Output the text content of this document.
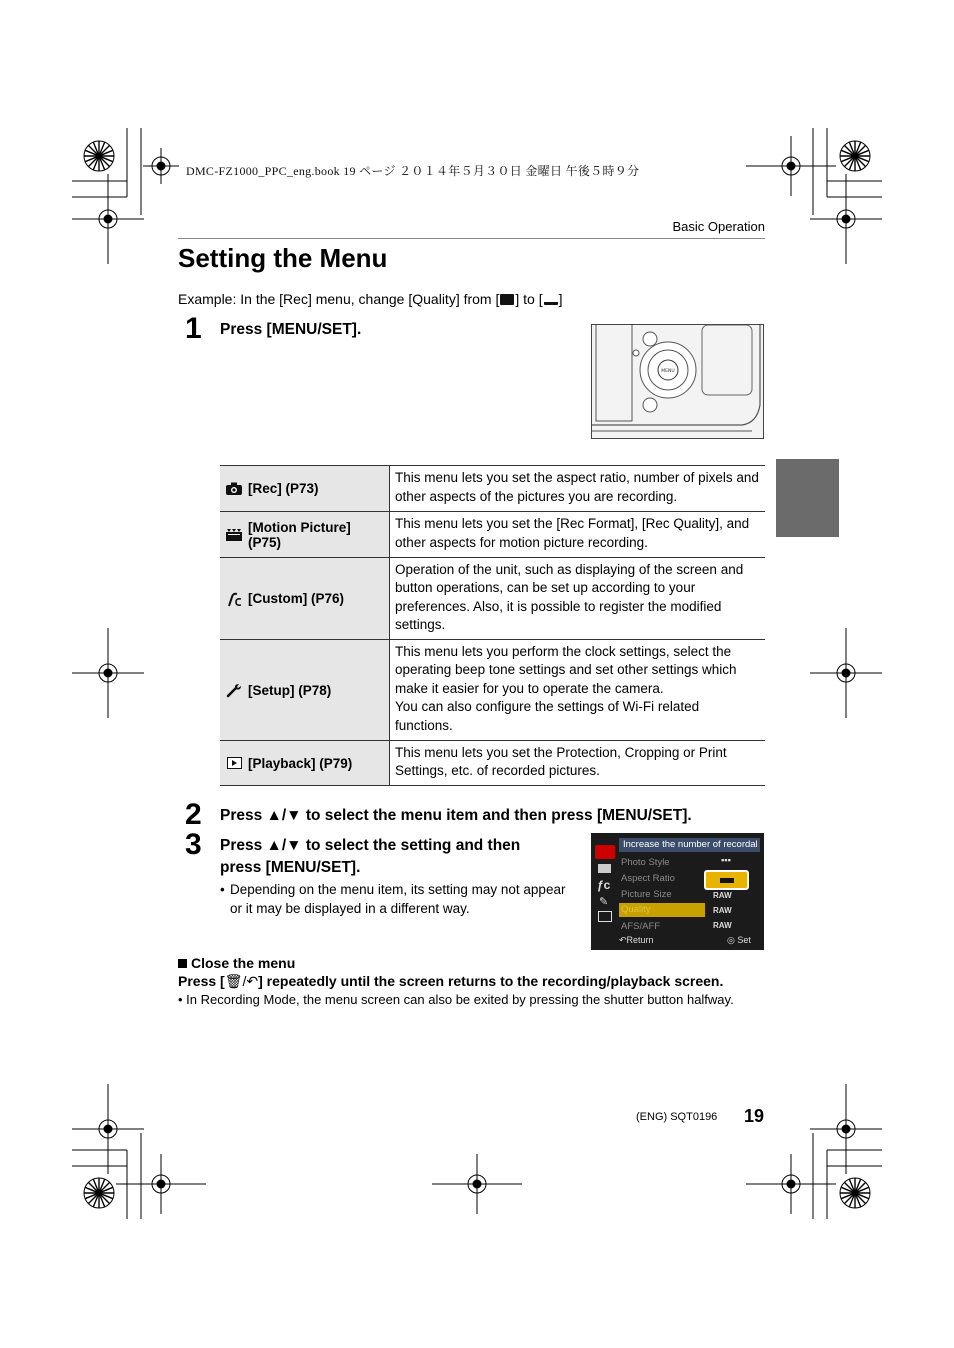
DMC-FZ1000_PPC_eng.book 19 ページ ２０１４年５月３０日 金曜日 午後５時９分
Basic Operation
Setting the Menu
Example: In the [Rec] menu, change [Quality] from [ ] to [ ]
1 Press [MENU/SET].
MENU
[Rec] (P73)	This menu lets you set the aspect ratio, number of pixels and other aspects of the pictures you are recording.

[Motion Picture] (P75)	This menu lets you set the [Rec Format], [Rec Quality], and other aspects for motion picture recording.

[Custom] (P76)	Operation of the unit, such as displaying of the screen and button operations, can be set up according to your preferences. Also, it is possible to register the modified settings.

[Setup] (P78)	This menu lets you perform the clock settings, select the operating beep tone settings and set other settings which make it easier for you to operate the camera.
You can also configure the settings of Wi-Fi related functions.

[Playback] (P79)	This menu lets you set the Protection, Cropping or Print Settings, etc. of recorded pictures.
2 Press ▲/▼ to select the menu item and then press [MENU/SET].
3 Press ▲/▼ to select the setting and then press [MENU/SET].
• Depending on the menu item, its setting may not appear or it may be displayed in a different way.
ƒc
✎
Increase the number of recordal
Photo Style
Aspect Ratio
Picture Size
Quality
AFS/AFF
▪▪▪
RAW
RAW
RAW
↶Return	◎ Set
Close the menu
Press [🗑/↶] repeatedly until the screen returns to the recording/playback screen.
• In Recording Mode, the menu screen can also be exited by pressing the shutter button halfway.
(ENG) SQT0196 19
